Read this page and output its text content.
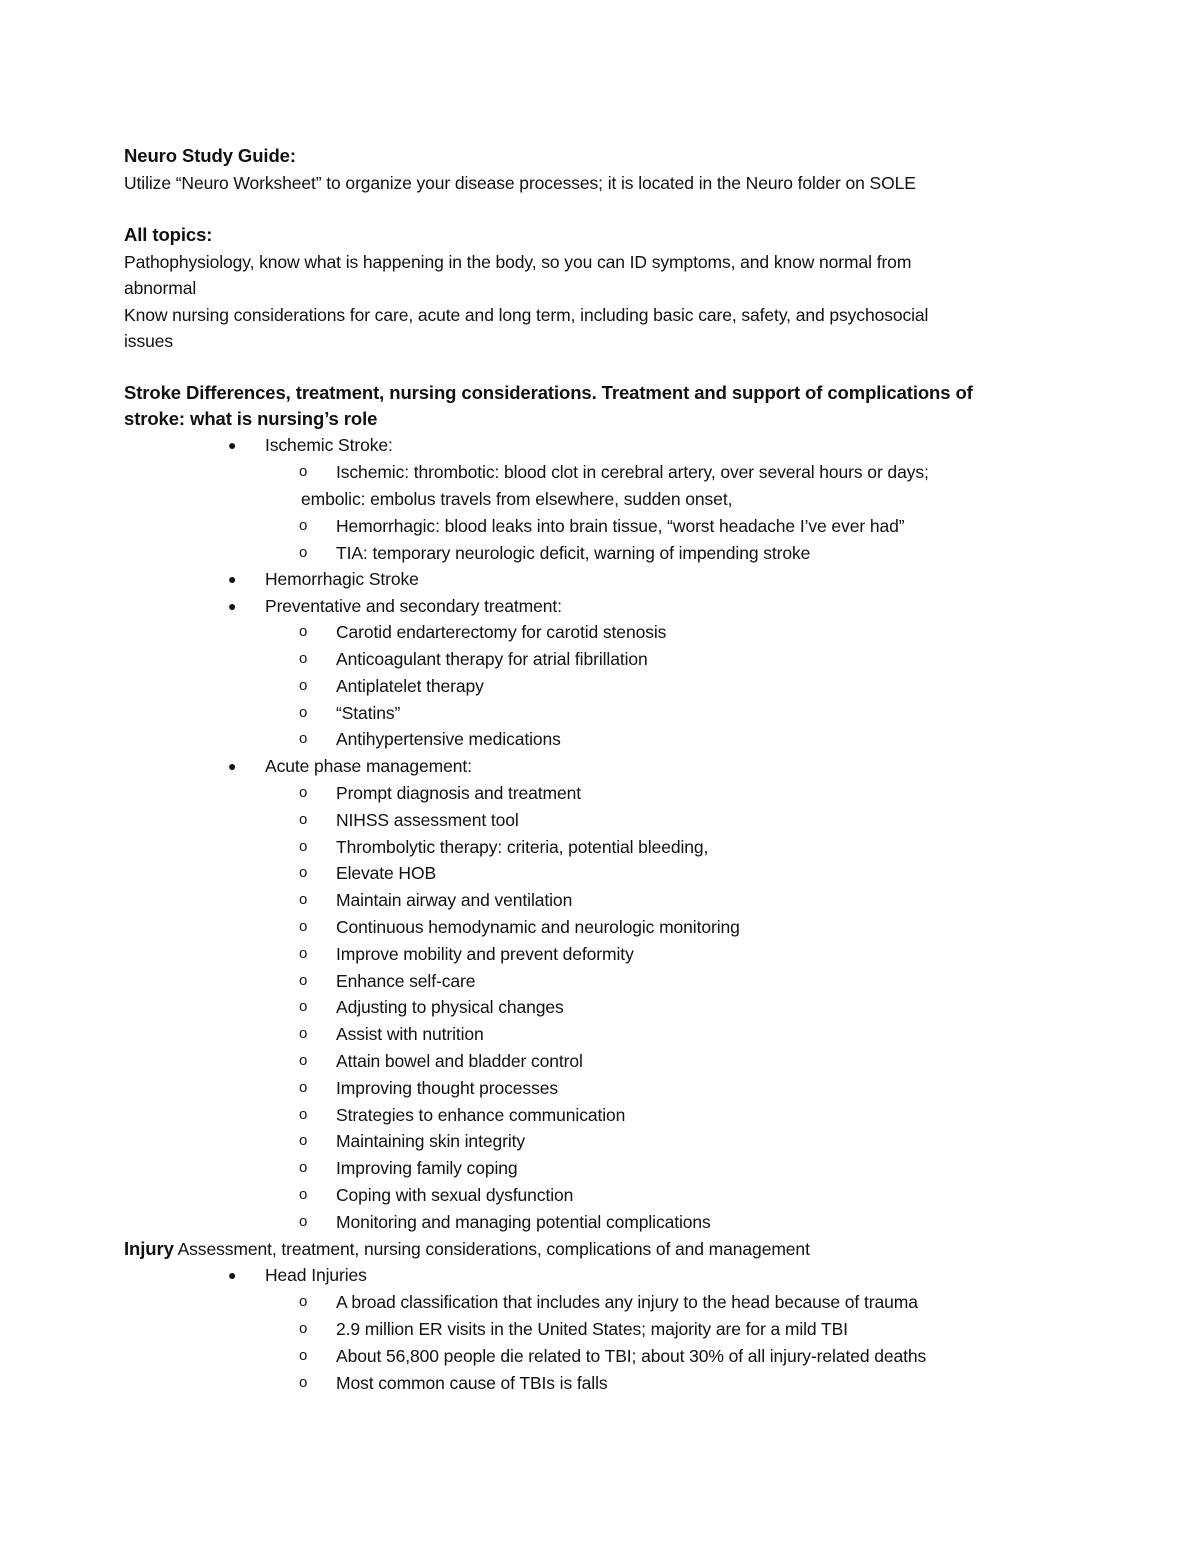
Neuro Study Guide:
Utilize “Neuro Worksheet” to organize your disease processes; it is located in the Neuro folder on SOLE
All topics:
Pathophysiology, know what is happening in the body, so you can ID symptoms, and know normal from
abnormal
Know nursing considerations for care, acute and long term, including basic care, safety, and psychosocial
issues
Stroke Differences, treatment, nursing considerations. Treatment and support of complications of
stroke: what is nursing’s role
● Ischemic Stroke:
o Ischemic: thrombotic: blood clot in cerebral artery, over several hours or days;
embolic: embolus travels from elsewhere, sudden onset,
o Hemorrhagic: blood leaks into brain tissue, “worst headache I’ve ever had”
o TIA: temporary neurologic deficit, warning of impending stroke
● Hemorrhagic Stroke
● Preventative and secondary treatment:
o Carotid endarterectomy for carotid stenosis
o Anticoagulant therapy for atrial fibrillation
o Antiplatelet therapy
o “Statins”
o Antihypertensive medications
● Acute phase management:
o Prompt diagnosis and treatment
o NIHSS assessment tool
o Thrombolytic therapy: criteria, potential bleeding,
o Elevate HOB
o Maintain airway and ventilation
o Continuous hemodynamic and neurologic monitoring
o Improve mobility and prevent deformity
o Enhance self-care
o Adjusting to physical changes
o Assist with nutrition
o Attain bowel and bladder control
o Improving thought processes
o Strategies to enhance communication
o Maintaining skin integrity
o Improving family coping
o Coping with sexual dysfunction
o Monitoring and managing potential complications
Injury Assessment, treatment, nursing considerations, complications of and management
● Head Injuries
o A broad classification that includes any injury to the head because of trauma
o 2.9 million ER visits in the United States; majority are for a mild TBI
o About 56,800 people die related to TBI; about 30% of all injury-related deaths
o Most common cause of TBIs is falls
